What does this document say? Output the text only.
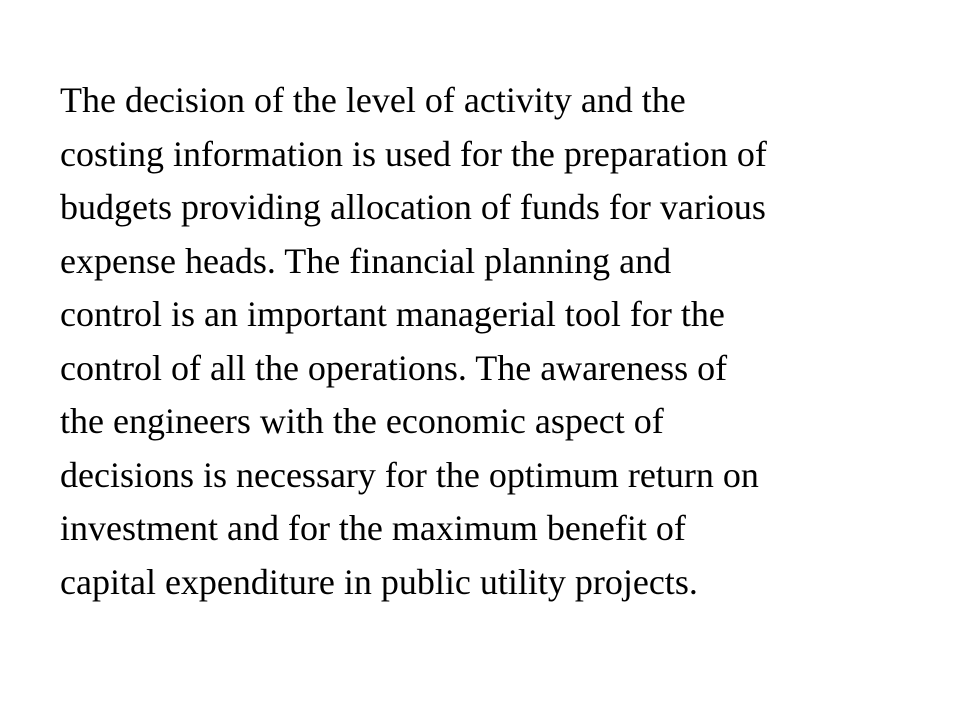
The decision of the level of activity and the
costing information is used for the preparation of
budgets providing allocation of funds for various
expense heads. The financial planning and
control is an important managerial tool for the
control of all the operations. The awareness of
the engineers with the economic aspect of
decisions is necessary for the optimum return on
investment and for the maximum benefit of
capital expenditure in public utility projects.
